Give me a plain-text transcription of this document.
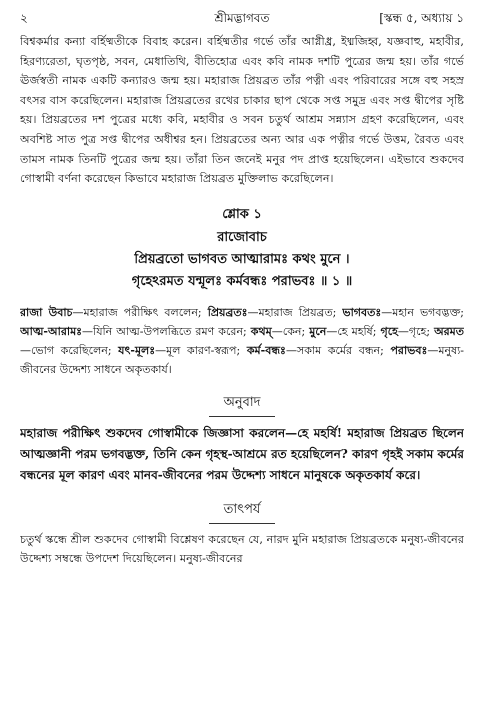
২	শ্রীমদ্ভাগবত	[স্কন্ধ ৫, অধ্যায় ১

বিশ্বকর্মার কন্যা বর্হিষ্মতীকে বিবাহ করেন। বর্হিষ্মতীর গর্ভে তাঁর আগ্নীধ্র, ইধ্মজিহ্ব, যজ্ঞবাহু, মহাবীর, হিরণ্যরেতা, ঘৃতপৃষ্ঠ, সবন, মেধাতিথি, বীতিহোত্র এবং কবি নামক দশটি পুত্রের জন্ম হয়। তাঁর গর্ভে ঊর্জস্বতী নামক একটি কন্যারও জন্ম হয়। মহারাজ প্রিয়ব্রত তাঁর পত্নী এবং পরিবারের সঙ্গে বহু সহস্র বৎসর বাস করেছিলেন। মহারাজ প্রিয়ব্রতের রথের চাকার ছাপ থেকে সপ্ত সমুদ্র এবং সপ্ত দ্বীপের সৃষ্টি হয়। প্রিয়ব্রতের দশ পুত্রের মধ্যে কবি, মহাবীর ও সবন চতুর্থ আশ্রম সন্ন্যাস গ্রহণ করেছিলেন, এবং অবশিষ্ট সাত পুত্র সপ্ত দ্বীপের অধীশ্বর হন। প্রিয়ব্রতের অন্য আর এক পত্নীর গর্ভে উত্তম, রৈবত এবং তামস নামক তিনটি পুত্রের জন্ম হয়। তাঁরা তিন জনেই মনুর পদ প্রাপ্ত হয়েছিলেন। এইভাবে শুকদেব গোস্বামী বর্ণনা করেছেন কিভাবে মহারাজ প্রিয়ব্রত মুক্তিলাভ করেছিলেন।

শ্লোক ১
রাজোবাচ
প্রিয়ব্রতো ভাগবত আত্মারামঃ কথং মুনে ।
গৃহেঽরমত যন্মূলঃ কর্মবন্ধঃ পরাভবঃ ॥ ১ ॥

রাজা উবাচ—মহারাজ পরীক্ষিৎ বললেন; প্রিয়ব্রতঃ—মহারাজ প্রিয়ব্রত; ভাগবতঃ—মহান ভগবদ্ভক্ত; আত্ম-আরামঃ—যিনি আত্ম-উপলব্ধিতে রমণ করেন; কথম্—কেন; মুনে—হে মহর্ষি; গৃহে—গৃহে; অরমত—ভোগ করেছিলেন; যৎ-মূলঃ—মূল কারণ-স্বরূপ; কর্ম-বন্ধঃ—সকাম কর্মের বন্ধন; পরাভবঃ—মনুষ্য-জীবনের উদ্দেশ্য সাধনে অকৃতকার্য।

অনুবাদ

মহারাজ পরীক্ষিৎ শুকদেব গোস্বামীকে জিজ্ঞাসা করলেন—হে মহর্ষি! মহারাজ প্রিয়ব্রত ছিলেন আত্মজ্ঞানী পরম ভগবদ্ভক্ত, তিনি কেন গৃহস্থ-আশ্রমে রত হয়েছিলেন? কারণ গৃহই সকাম কর্মের বন্ধনের মূল কারণ এবং মানব-জীবনের পরম উদ্দেশ্য সাধনে মানুষকে অকৃতকার্য করে।

তাৎপর্য

চতুর্থ স্কন্ধে শ্রীল শুকদেব গোস্বামী বিশ্লেষণ করেছেন যে, নারদ মুনি মহারাজ প্রিয়ব্রতকে মনুষ্য-জীবনের উদ্দেশ্য সম্বন্ধে উপদেশ দিয়েছিলেন। মনুষ্য-জীবনের
